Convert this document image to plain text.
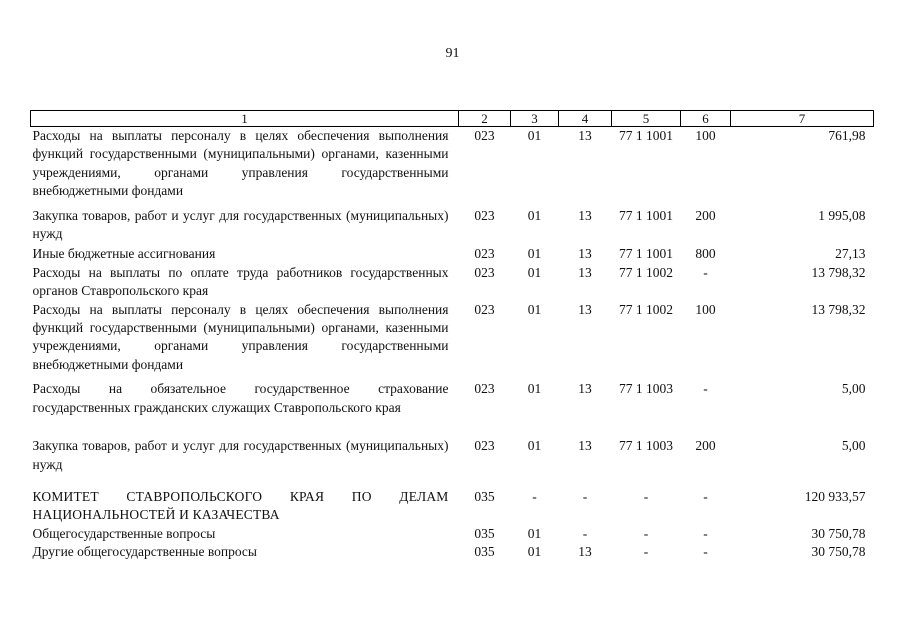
91
1	2	3	4	5	6	7
Расходы на выплаты персоналу в целях обеспечения выполнения функций государственными (муниципальными) органами, казенными учреждениями, органами управления государственными внебюджетными фондами	023	01	13	77 1 1001	100	761,98
Закупка товаров, работ и услуг для государственных (муниципальных) нужд	023	01	13	77 1 1001	200	1 995,08
Иные бюджетные ассигнования	023	01	13	77 1 1001	800	27,13
Расходы на выплаты по оплате труда работников государственных органов Ставропольского края	023	01	13	77 1 1002	-	13 798,32
Расходы на выплаты персоналу в целях обеспечения выполнения функций государственными (муниципальными) органами, казенными учреждениями, органами управления государственными внебюджетными фондами	023	01	13	77 1 1002	100	13 798,32
Расходы на обязательное государственное страхование государственных гражданских служащих Ставропольского края	023	01	13	77 1 1003	-	5,00
Закупка товаров, работ и услуг для государственных (муниципальных) нужд	023	01	13	77 1 1003	200	5,00
КОМИТЕТ СТАВРОПОЛЬСКОГО КРАЯ ПО ДЕЛАМ НАЦИОНАЛЬНОСТЕЙ И КАЗАЧЕСТВА	035	-	-	-	-	120 933,57
Общегосударственные вопросы	035	01	-	-	-	30 750,78
Другие общегосударственные вопросы	035	01	13	-	-	30 750,78
